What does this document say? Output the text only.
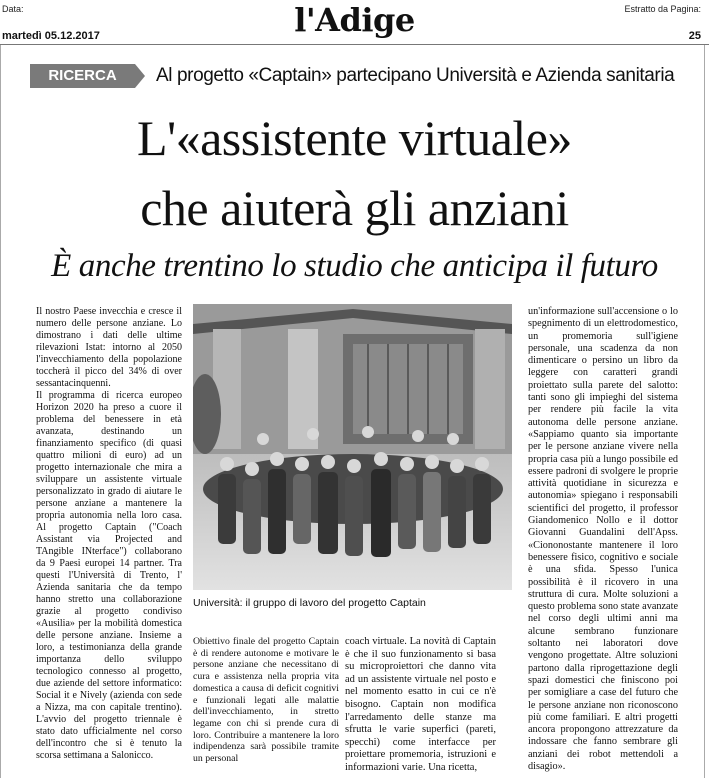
Data:
martedì 05.12.2017	l'Adige	Estratto da Pagina:
25
RICERCA	Al progetto «Captain» partecipano Università e Azienda sanitaria
L'«assistente virtuale»
che aiuterà gli anziani
È anche trentino lo studio che anticipa il futuro

Il nostro Paese invecchia e cresce il numero delle persone anziane. Lo dimostrano i dati delle ultime rilevazioni Istat: intorno al 2050 l'invecchiamento della popolazione toccherà il picco del 34% di over sessantacinquenni.

Il programma di ricerca europeo Horizon 2020 ha preso a cuore il problema del benessere in età avanzata, destinando un finanziamento specifico (di quasi quattro milioni di euro) ad un progetto internazionale che mira a sviluppare un assistente virtuale personalizzato in grado di aiutare le persone anziane a mantenere la propria autonomia nella loro casa. Al progetto Captain ("Coach Assistant via Projected and TAngible INterface") collaborano da 9 Paesi europei 14 partner. Tra questi l'Università di Trento, l' Azienda sanitaria che da tempo hanno stretto una collaborazione grazie al progetto condiviso «Ausilia» per la mobilità domestica delle persone anziane. Insieme a loro, a testimonianza della grande importanza dello sviluppo tecnologico connesso al progetto, due aziende del settore informatico: Social it e Nively (azienda con sede a Nizza, ma con capitale trentino). L'avvio del progetto triennale è stato dato ufficialmente nel corso dell'incontro che si è tenuto la scorsa settimana a Salonicco.

Università: il gruppo di lavoro del progetto Captain

Obiettivo finale del progetto Captain è di rendere autonome e motivare le persone anziane che necessitano di cura e assistenza nella propria vita domestica a causa di deficit cognitivi e funzionali legati alle malattie dell'invecchiamento, in stretto legame con chi si prende cura di loro. Contribuire a mantenere la loro indipendenza sarà possibile tramite un personal

coach virtuale. La novità di Captain è che il suo funzionamento si basa su microproiettori che danno vita ad un assistente virtuale nel posto e nel momento esatto in cui ce n'è bisogno. Captain non modifica l'arredamento delle stanze ma sfrutta le varie superfici (pareti, specchi) come interfacce per proiettare promemoria, istruzioni e informazioni varie. Una ricetta,

un'informazione sull'accensione o lo spegnimento di un elettrodomestico, un promemoria sull'igiene personale, una scadenza da non dimenticare o persino un libro da leggere con caratteri grandi proiettato sulla parete del salotto: tanti sono gli impieghi del sistema per rendere più facile la vita autonoma delle persone anziane. «Sappiamo quanto sia importante per le persone anziane vivere nella propria casa più a lungo possibile ed essere padroni di svolgere le proprie attività quotidiane in sicurezza e autonomia» spiegano i responsabili scientifici del progetto, il professor Giandomenico Nollo e il dottor Giovanni Guandalini dell'Apss. «Ciononostante mantenere il loro benessere fisico, cognitivo e sociale è una sfida. Spesso l'unica possibilità è il ricovero in una struttura di cura. Molte soluzioni a questo problema sono state avanzate nel corso degli ultimi anni ma alcune sembrano funzionare soltanto nei laboratori dove vengono progettate. Altre soluzioni partono dalla riprogettazione degli spazi domestici che finiscono poi per somigliare a case del futuro che le persone anziane non riconoscono più come familiari. E altri progetti ancora propongono attrezzature da indossare che fanno sembrare gli anziani dei robot mettendoli a disagio».
